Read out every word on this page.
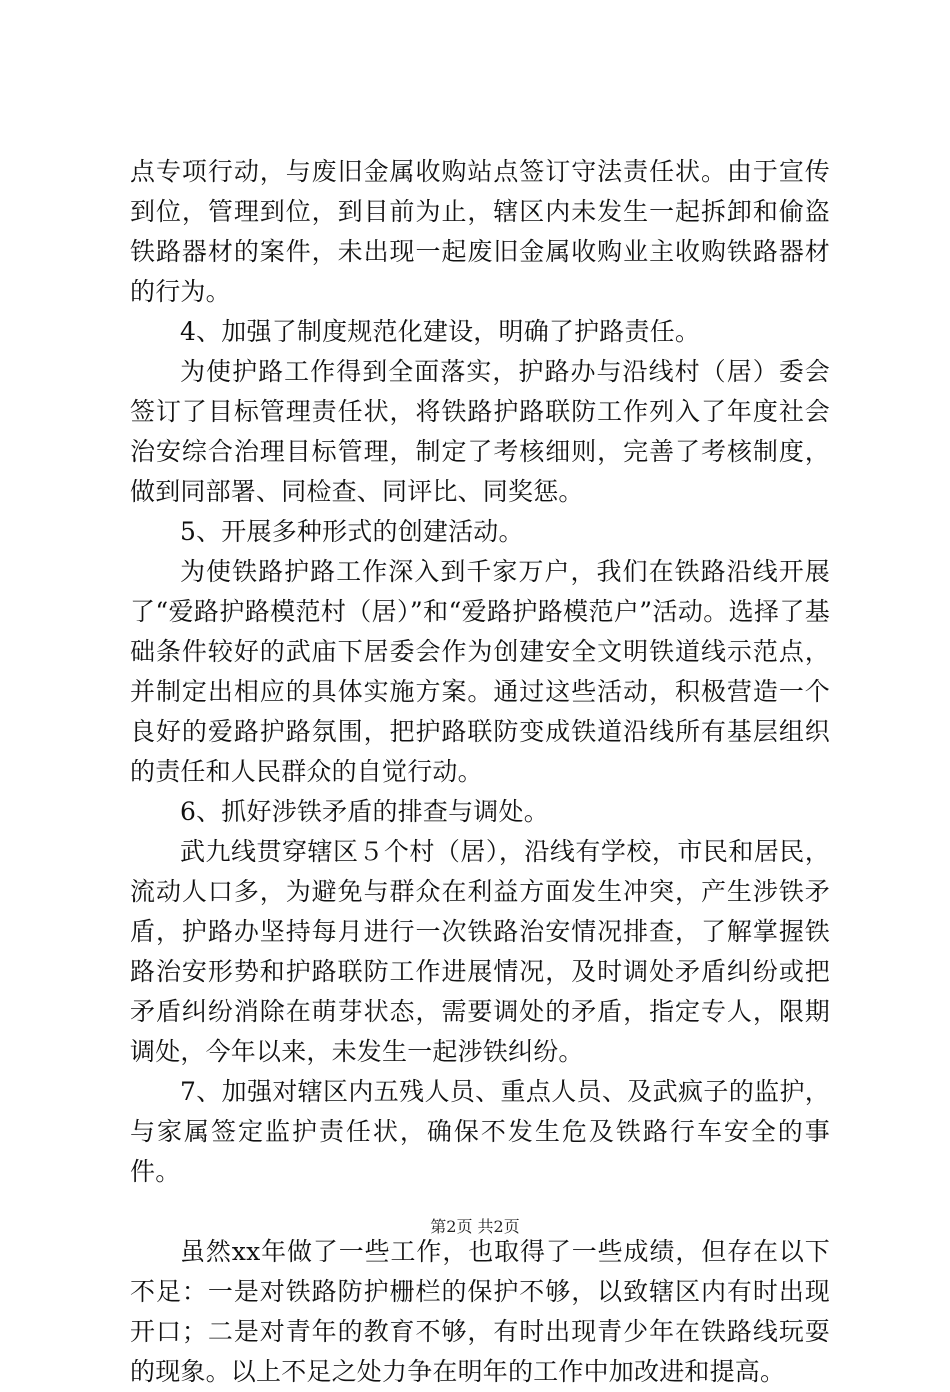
点专项行动，与废旧金属收购站点签订守法责任状。由于宣传到位，管理到位，到目前为止，辖区内未发生一起拆卸和偷盗铁路器材的案件，未出现一起废旧金属收购业主收购铁路器材的行为。

4、加强了制度规范化建设，明确了护路责任。

为使护路工作得到全面落实，护路办与沿线村（居）委会签订了目标管理责任状，将铁路护路联防工作列入了年度社会治安综合治理目标管理，制定了考核细则，完善了考核制度，做到同部署、同检查、同评比、同奖惩。

5、开展多种形式的创建活动。

为使铁路护路工作深入到千家万户，我们在铁路沿线开展了“爱路护路模范村（居）”和“爱路护路模范户”活动。选择了基础条件较好的武庙下居委会作为创建安全文明铁道线示范点，并制定出相应的具体实施方案。通过这些活动，积极营造一个良好的爱路护路氛围，把护路联防变成铁道沿线所有基层组织的责任和人民群众的自觉行动。

6、抓好涉铁矛盾的排查与调处。

武九线贯穿辖区５个村（居），沿线有学校，市民和居民，流动人口多，为避免与群众在利益方面发生冲突，产生涉铁矛盾，护路办坚持每月进行一次铁路治安情况排查，了解掌握铁路治安形势和护路联防工作进展情况，及时调处矛盾纠纷或把矛盾纠纷消除在萌芽状态，需要调处的矛盾，指定专人，限期调处，今年以来，未发生一起涉铁纠纷。

7、加强对辖区内五残人员、重点人员、及武疯子的监护，与家属签定监护责任状，确保不发生危及铁路行车安全的事件。

虽然xx年做了一些工作，也取得了一些成绩，但存在以下不足：一是对铁路防护栅栏的保护不够，以致辖区内有时出现开口；二是对青年的教育不够，有时出现青少年在铁路线玩耍的现象。以上不足之处力争在明年的工作中加改进和提高。

第2页 共2页
